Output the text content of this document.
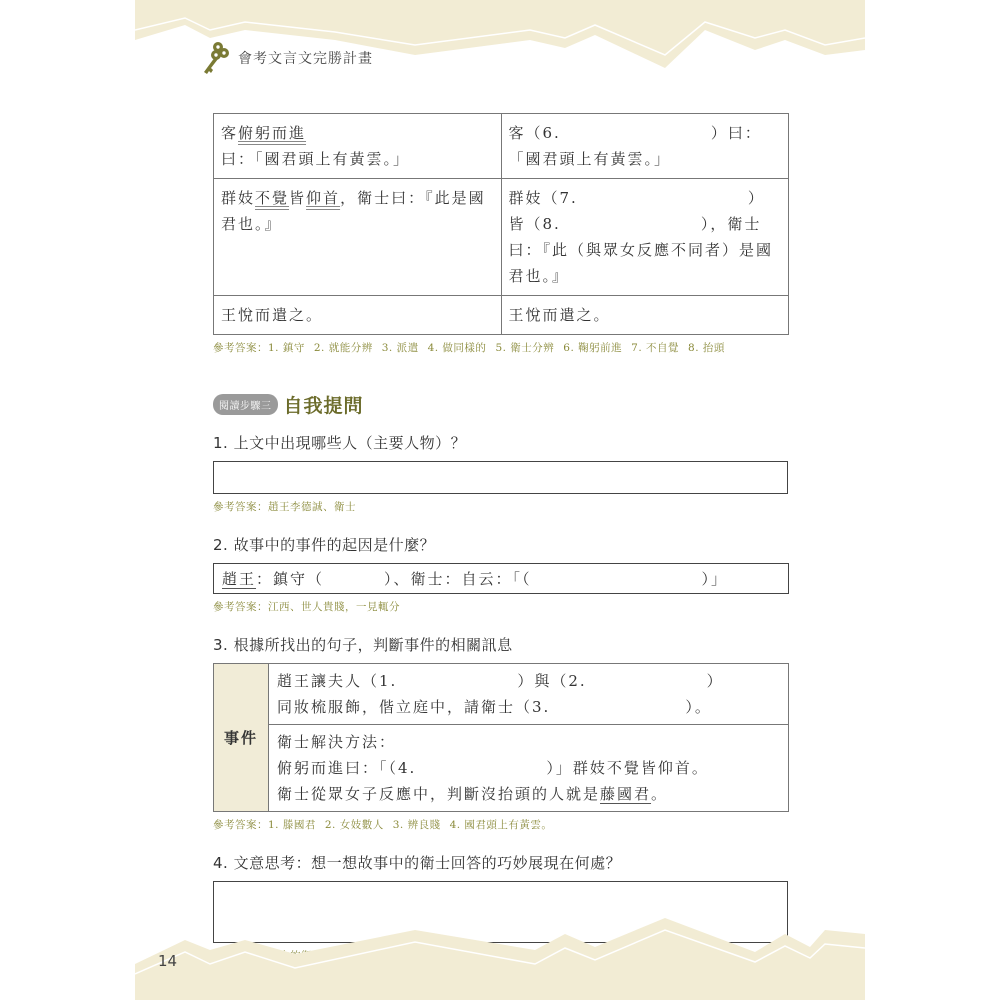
會考文言文完勝計畫
客俯躬而進曰：「國君頭上有黃雲。」	客（6. ）曰：「國君頭上有黃雲。」
群妓不覺皆仰首，衛士曰：『此是國君也。』	群妓（7. ）皆（8. ），衛士曰：『此（與眾女反應不同者）是國君也。』
王悅而遣之。	王悅而遣之。
參考答案：1. 鎮守 2. 就能分辨 3. 派遣 4. 做同樣的 5. 衛士分辨 6. 鞠躬前進 7. 不自覺 8. 抬頭
閱讀步驟三 自我提問
1. 上文中出現哪些人（主要人物）？
參考答案：趙王李德誠、衛士
2. 故事中的事件的起因是什麼？
趙王：鎮守（	）、衛士：自云：「（	）」
參考答案：江西、世人貴賤，一見輒分
3. 根據所找出的句子，判斷事件的相關訊息
事件	趙王讓夫人（1.	）與（2.	）
同妝梳服飾，偕立庭中，請衛士（3.	）。
衛士解決方法：
俯躬而進曰：「（4.	）」群妓不覺皆仰首。
衛士從眾女子反應中，判斷沒抬頭的人就是藤國君。
參考答案：1. 滕國君 2. 女妓數人 3. 辨良賤 4. 國君頭上有黃雲。
4. 文意思考：想一想故事中的衛士回答的巧妙展現在何處？

14
